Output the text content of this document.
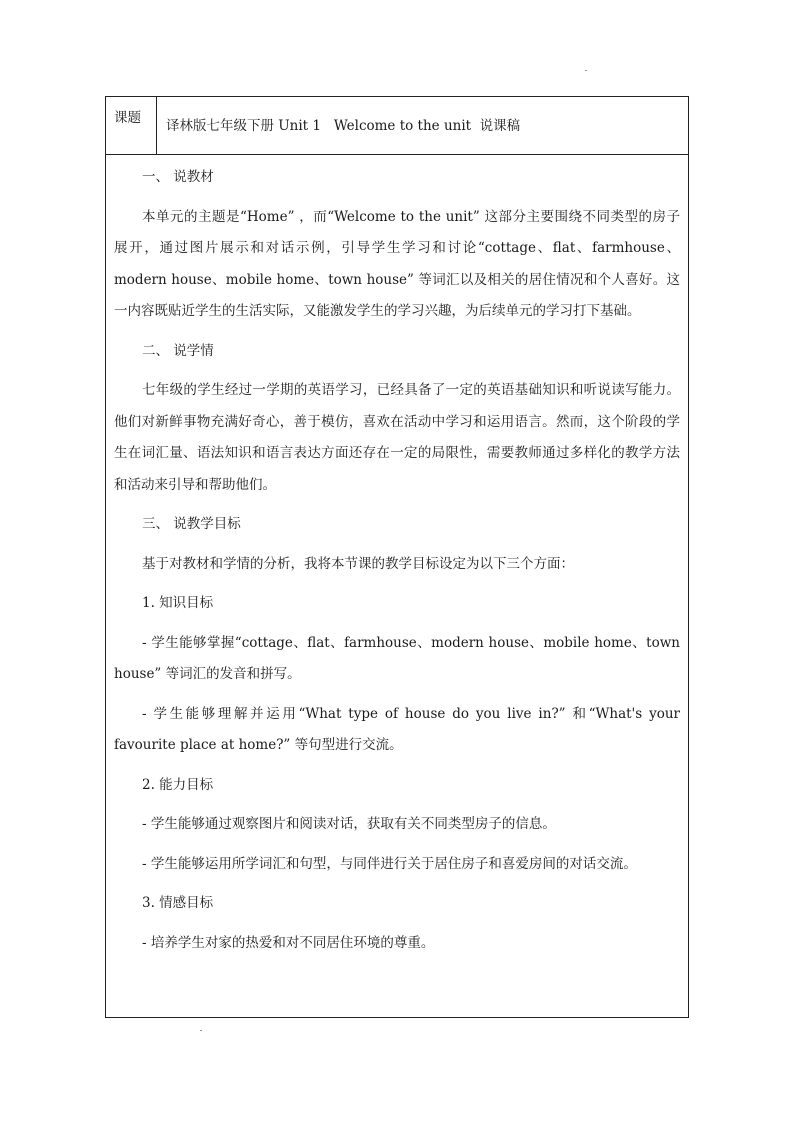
课题	译林版七年级下册 Unit 1   Welcome to the unit  说课稿

一、 说教材

本单元的主题是“Home” ，而“Welcome to the unit” 这部分主要围绕不同类型的房子展开，通过图片展示和对话示例，引导学生学习和讨论“cottage、flat、farmhouse、modern house、mobile home、town house” 等词汇以及相关的居住情况和个人喜好。这一内容既贴近学生的生活实际，又能激发学生的学习兴趣，为后续单元的学习打下基础。

二、 说学情

七年级的学生经过一学期的英语学习，已经具备了一定的英语基础知识和听说读写能力。他们对新鲜事物充满好奇心，善于模仿，喜欢在活动中学习和运用语言。然而，这个阶段的学生在词汇量、语法知识和语言表达方面还存在一定的局限性，需要教师通过多样化的教学方法和活动来引导和帮助他们。

三、 说教学目标

基于对教材和学情的分析，我将本节课的教学目标设定为以下三个方面：

1. 知识目标

- 学生能够掌握“cottage、flat、farmhouse、modern house、mobile home、town house” 等词汇的发音和拼写。

- 学生能够理解并运用“What type of house do you live in?” 和“What's your favourite place at home?” 等句型进行交流。

2. 能力目标

- 学生能够通过观察图片和阅读对话，获取有关不同类型房子的信息。

- 学生能够运用所学词汇和句型，与同伴进行关于居住房子和喜爱房间的对话交流。

3. 情感目标

- 培养学生对家的热爱和对不同居住环境的尊重。
